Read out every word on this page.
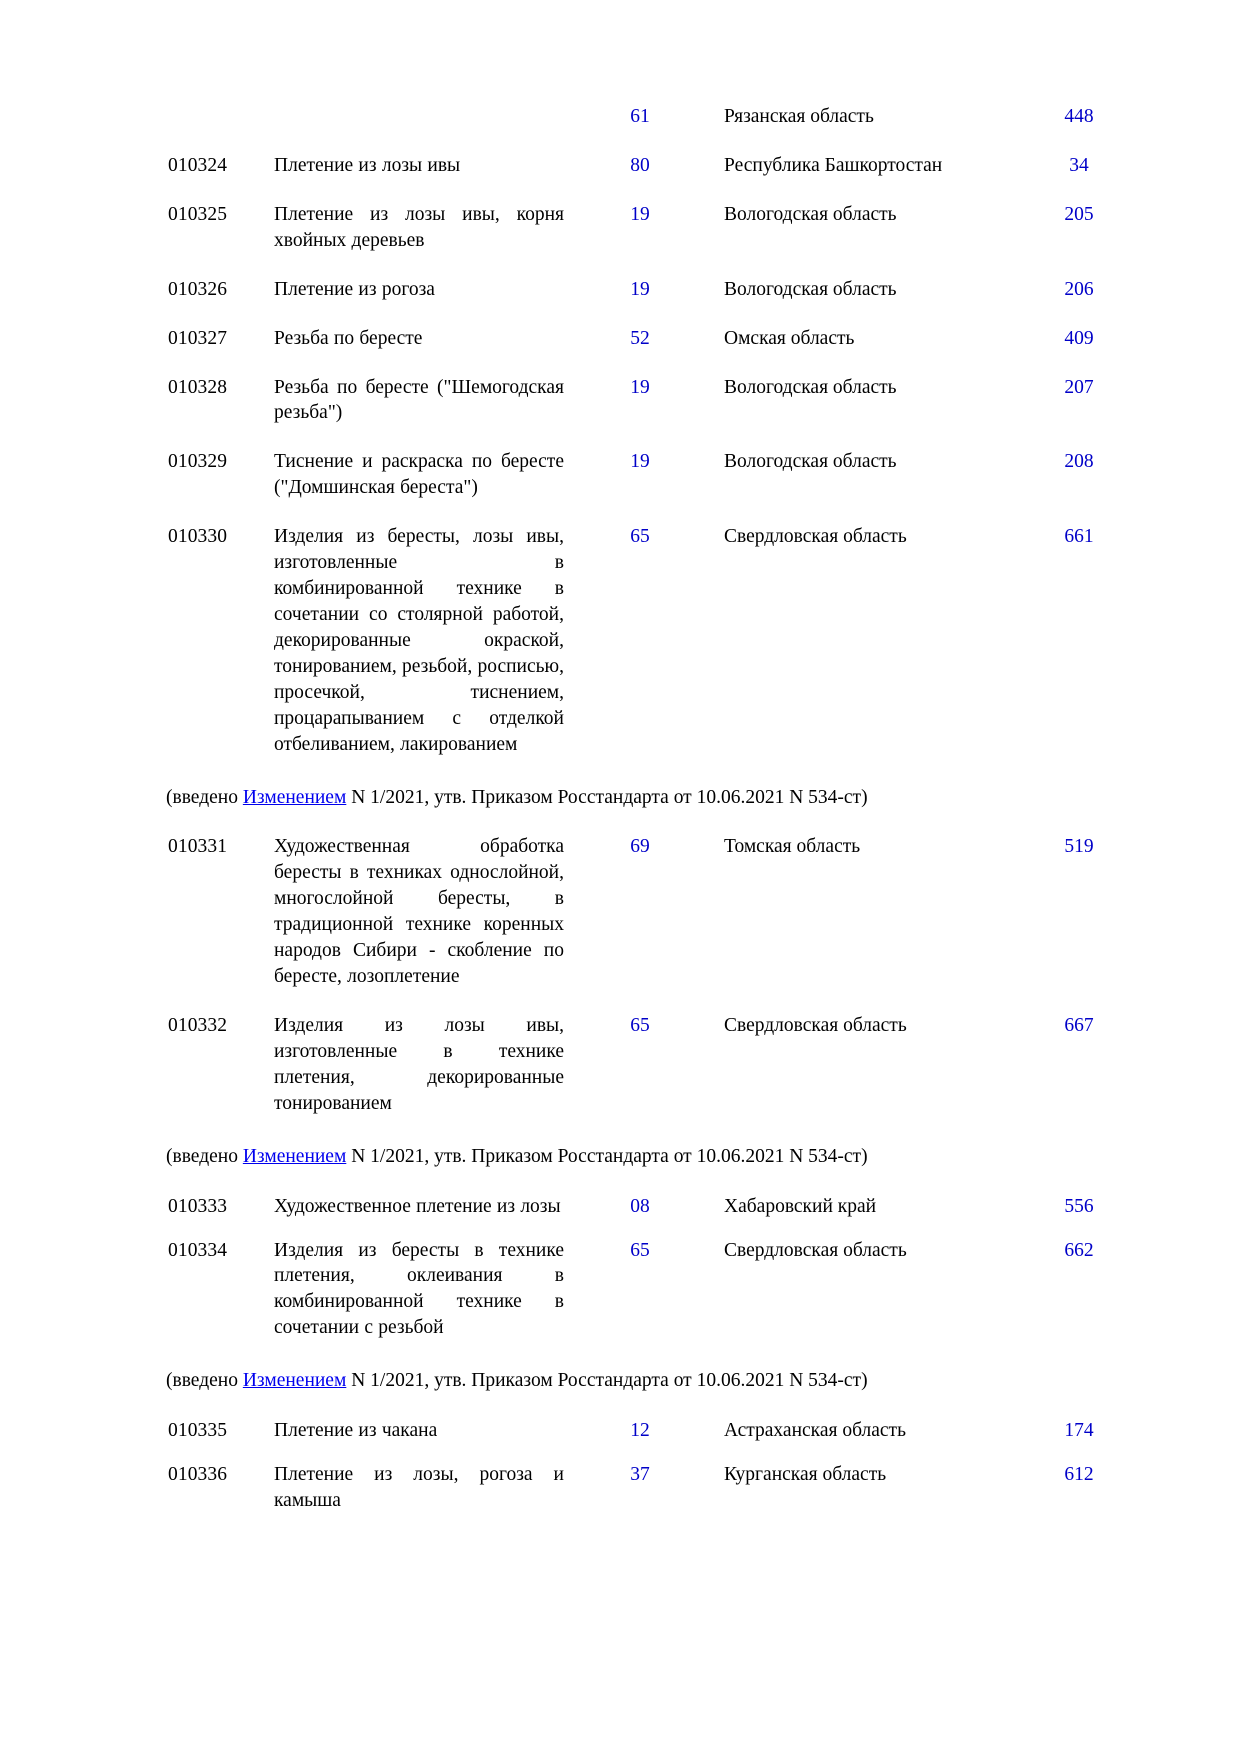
				61		Рязанская область		448

010324		Плетение из лозы ивы		80		Республика Башкортостан		34

010325		Плетение из лозы ивы, корня хвойных деревьев		19		Вологодская область		205

010326		Плетение из рогоза		19		Вологодская область		206

010327		Резьба по бересте		52		Омская область		409

010328		Резьба по бересте ("Шемогодская резьба")		19		Вологодская область		207

010329		Тиснение и раскраска по бересте ("Домшинская береста")		19		Вологодская область		208

010330		Изделия из бересты, лозы ивы, изготовленные в комбинированной технике в сочетании со столярной работой, декорированные окраской, тонированием, резьбой, росписью, просечкой, тиснением, процарапыванием с отделкой отбеливанием, лакированием		65		Свердловская область		661

(введено Изменением N 1/2021, утв. Приказом Росстандарта от 10.06.2021 N 534-ст)

010331		Художественная обработка бересты в техниках однослойной, многослойной бересты, в традиционной технике коренных народов Сибири - скобление по бересте, лозоплетение		69		Томская область		519

010332		Изделия из лозы ивы, изготовленные в технике плетения, декорированные тонированием		65		Свердловская область		667

(введено Изменением N 1/2021, утв. Приказом Росстандарта от 10.06.2021 N 534-ст)

010333		Художественное плетение из лозы		08		Хабаровский край		556

010334		Изделия из бересты в технике плетения, оклеивания в комбинированной технике в сочетании с резьбой		65		Свердловская область		662

(введено Изменением N 1/2021, утв. Приказом Росстандарта от 10.06.2021 N 534-ст)

010335		Плетение из чакана		12		Астраханская область		174

010336		Плетение из лозы, рогоза и камыша		37		Курганская область		612
